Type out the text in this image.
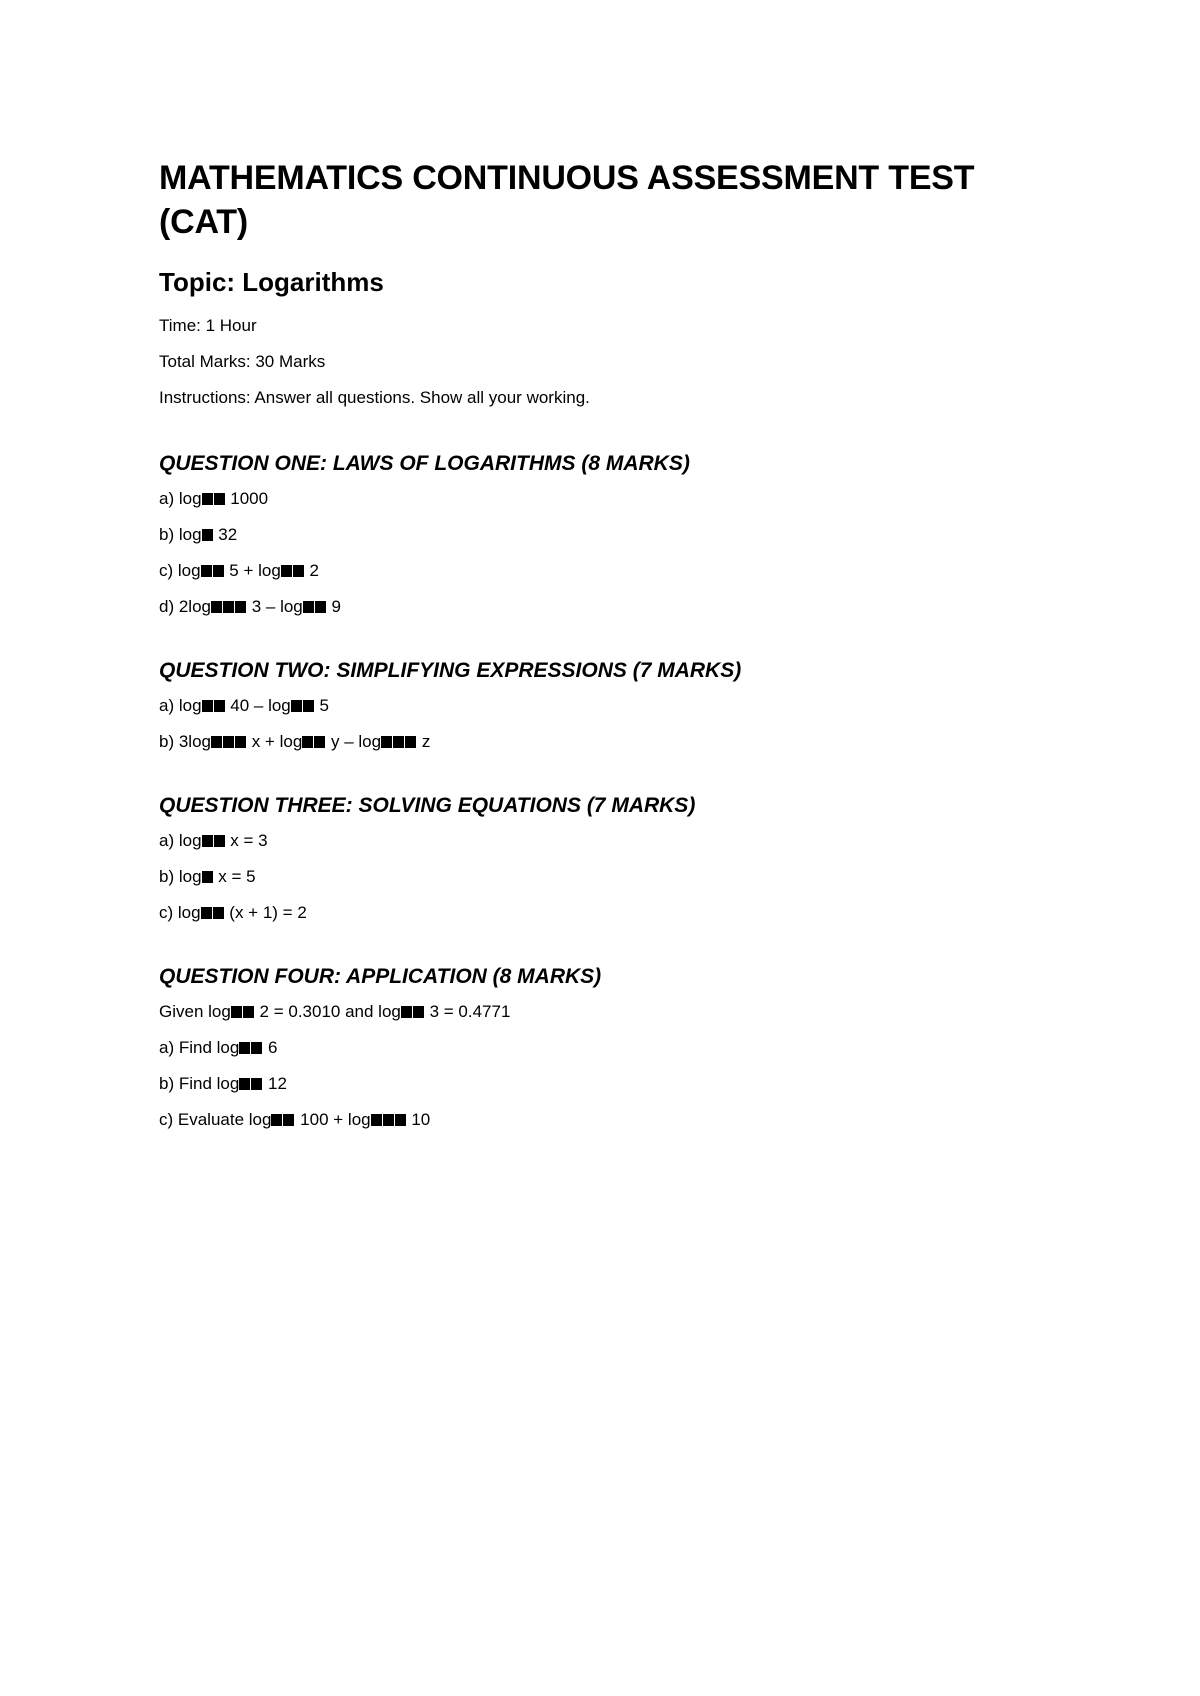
MATHEMATICS CONTINUOUS ASSESSMENT TEST (CAT)
Topic: Logarithms

Time: 1 Hour

Total Marks: 30 Marks

Instructions: Answer all questions. Show all your working.

QUESTION ONE: LAWS OF LOGARITHMS (8 MARKS)

a) log 1000

b) log 32

c) log 5 + log 2

d) 2log 3 – log 9

QUESTION TWO: SIMPLIFYING EXPRESSIONS (7 MARKS)

a) log 40 – log 5

b) 3log x + log y – log z

QUESTION THREE: SOLVING EQUATIONS (7 MARKS)

a) log x = 3

b) log x = 5

c) log (x + 1) = 2

QUESTION FOUR: APPLICATION (8 MARKS)

Given log 2 = 0.3010 and log 3 = 0.4771

a) Find log 6

b) Find log 12

c) Evaluate log 100 + log 10
